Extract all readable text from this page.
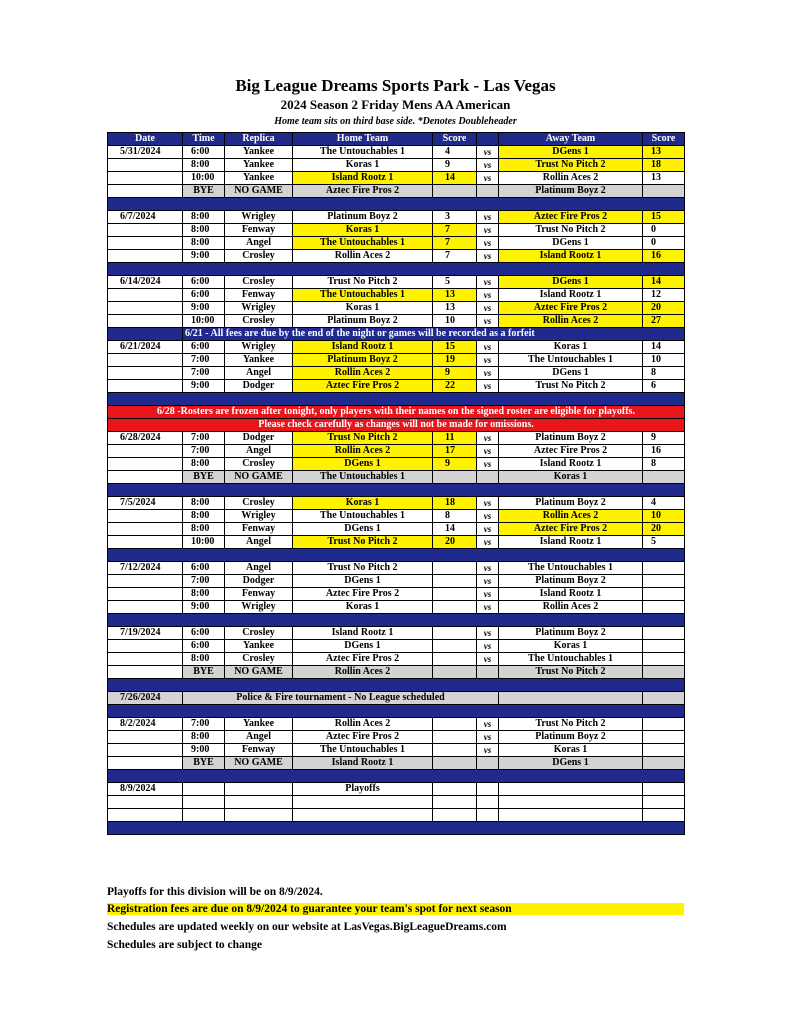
Big League Dreams Sports Park - Las Vegas
2024 Season 2 Friday Mens AA American
Home team sits on third base side. *Denotes Doubleheader
Date	Time	Replica	Home Team	Score		Away Team	Score
5/31/2024	6:00	Yankee	The Untouchables 1	4	vs	DGens 1	13
	8:00	Yankee	Koras 1	9	vs	Trust No Pitch 2	18
	10:00	Yankee	Island Rootz 1	14	vs	Rollin Aces 2	13
	BYE	NO GAME	Aztec Fire Pros 2			Platinum Boyz 2	

6/7/2024	8:00	Wrigley	Platinum Boyz 2	3	vs	Aztec Fire Pros 2	15
	8:00	Fenway	Koras 1	7	vs	Trust No Pitch 2	0
	8:00	Angel	The Untouchables 1	7	vs	DGens 1	0
	9:00	Crosley	Rollin Aces 2	7	vs	Island Rootz 1	16

6/14/2024	6:00	Crosley	Trust No Pitch 2	5	vs	DGens 1	14
	6:00	Fenway	The Untouchables 1	13	vs	Island Rootz 1	12
	9:00	Wrigley	Koras 1	13	vs	Aztec Fire Pros 2	20
	10:00	Crosley	Platinum Boyz 2	10	vs	Rollin Aces 2	27
	6/21 - All fees are due by the end of the night or games will be recorded as a forfeit						
6/21/2024	6:00	Wrigley	Island Rootz 1	15	vs	Koras 1	14
	7:00	Yankee	Platinum Boyz 2	19	vs	The Untouchables 1	10
	7:00	Angel	Rollin Aces 2	9	vs	DGens 1	8
	9:00	Dodger	Aztec Fire Pros 2	22	vs	Trust No Pitch 2	6

6/28 -Rosters are frozen after tonight, only players with their names on the signed roster are eligible for playoffs.							
Please check carefully as changes will not be made for omissions.							
6/28/2024	7:00	Dodger	Trust No Pitch 2	11	vs	Platinum Boyz 2	9
	7:00	Angel	Rollin Aces 2	17	vs	Aztec Fire Pros 2	16
	8:00	Crosley	DGens 1	9	vs	Island Rootz 1	8
	BYE	NO GAME	The Untouchables 1			Koras 1	

7/5/2024	8:00	Crosley	Koras 1	18	vs	Platinum Boyz 2	4
	8:00	Wrigley	The Untouchables 1	8	vs	Rollin Aces 2	10
	8:00	Fenway	DGens 1	14	vs	Aztec Fire Pros 2	20
	10:00	Angel	Trust No Pitch 2	20	vs	Island Rootz 1	5

7/12/2024	6:00	Angel	Trust No Pitch 2		vs	The Untouchables 1	
	7:00	Dodger	DGens 1		vs	Platinum Boyz 2	
	8:00	Fenway	Aztec Fire Pros 2		vs	Island Rootz 1	
	9:00	Wrigley	Koras 1		vs	Rollin Aces 2	

7/19/2024	6:00	Crosley	Island Rootz 1		vs	Platinum Boyz 2	
	6:00	Yankee	DGens 1		vs	Koras 1	
	8:00	Crosley	Aztec Fire Pros 2		vs	The Untouchables 1	
	BYE	NO GAME	Rollin Aces 2			Trust No Pitch 2	

7/26/2024	Police & Fire tournament - No League scheduled						

8/2/2024	7:00	Yankee	Rollin Aces 2		vs	Trust No Pitch 2	
	8:00	Angel	Aztec Fire Pros 2		vs	Platinum Boyz 2	
	9:00	Fenway	The Untouchables 1		vs	Koras 1	
	BYE	NO GAME	Island Rootz 1			DGens 1	

8/9/2024			Playoffs				

Playoffs for this division will be on 8/9/2024.
Registration fees are due on 8/9/2024 to guarantee your team's spot for next season
Schedules are updated weekly on our website at LasVegas.BigLeagueDreams.com
Schedules are subject to change
